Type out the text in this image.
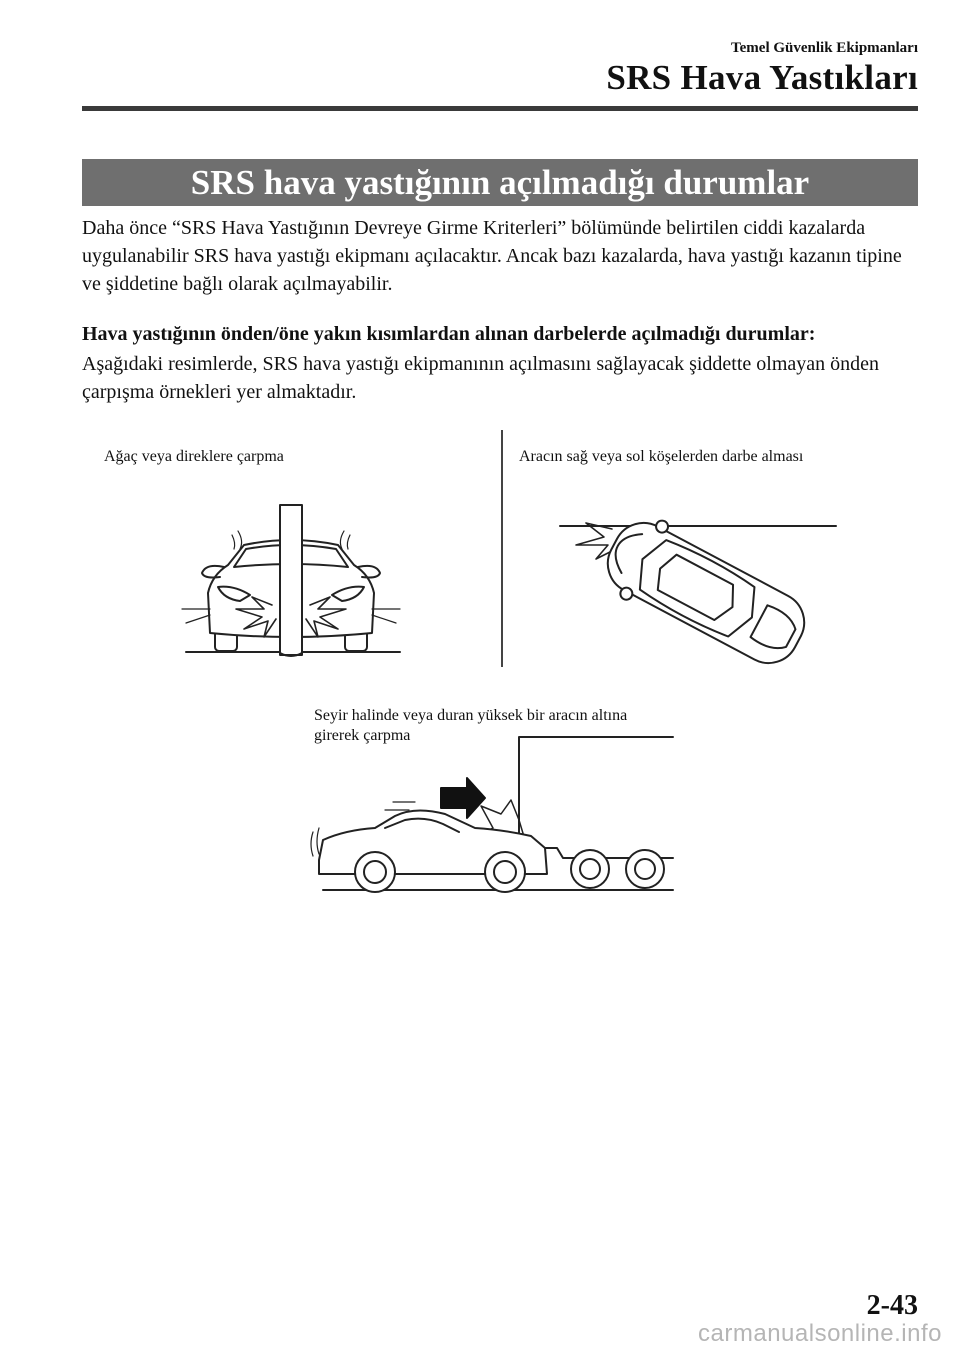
Temel Güvenlik Ekipmanları
SRS Hava Yastıkları
SRS hava yastığının açılmadığı durumlar

Daha önce “SRS Hava Yastığının Devreye Girme Kriterleri” bölümünde belirtilen ciddi kazalarda uygulanabilir SRS hava yastığı ekipmanı açılacaktır. Ancak bazı kazalarda, hava yastığı kazanın tipine ve şiddetine bağlı olarak açılmayabilir.

Hava yastığının önden/öne yakın kısımlardan alınan darbelerde açılmadığı durumlar:

Aşağıdaki resimlerde, SRS hava yastığı ekipmanının açılmasını sağlayacak şiddette olmayan önden çarpışma örnekleri yer almaktadır.

Ağaç veya direklere çarpma	Aracın sağ veya sol köşelerden darbe alması
Seyir halinde veya duran yüksek bir aracın altına girerek çarpma
2-43
carmanualsonline.info
